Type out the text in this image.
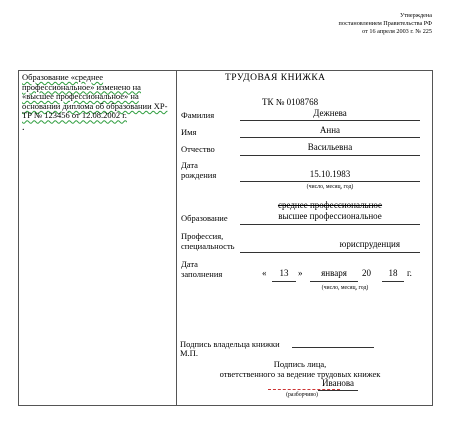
Утверждена
постановлением Правительства РФ
от 16 апреля 2003 г. № 225
Образование «среднее профессиональное» изменено на «высшее профессиональное» на основании диплома об образовании ХР-ТР № 123456 от 12.08.2002 г.
.
ТРУДОВАЯ КНИЖКА
ТК № 0108768
Фамилия	Дежнева
Имя	Анна
Отчество	Васильевна
Дата
рождения	15.10.1983
(число, месяц, год)
Образование
среднее профессиональное
высшее профессиональное
Профессия,
специальность	юриспруденция
Дата
заполнения	«	13	»	января	20	18	г.
(число, месяц, год)
Подпись владельца книжки
М.П.
Подпись лица,
ответственного за ведение трудовых книжек
Иванова
(разборчиво)
